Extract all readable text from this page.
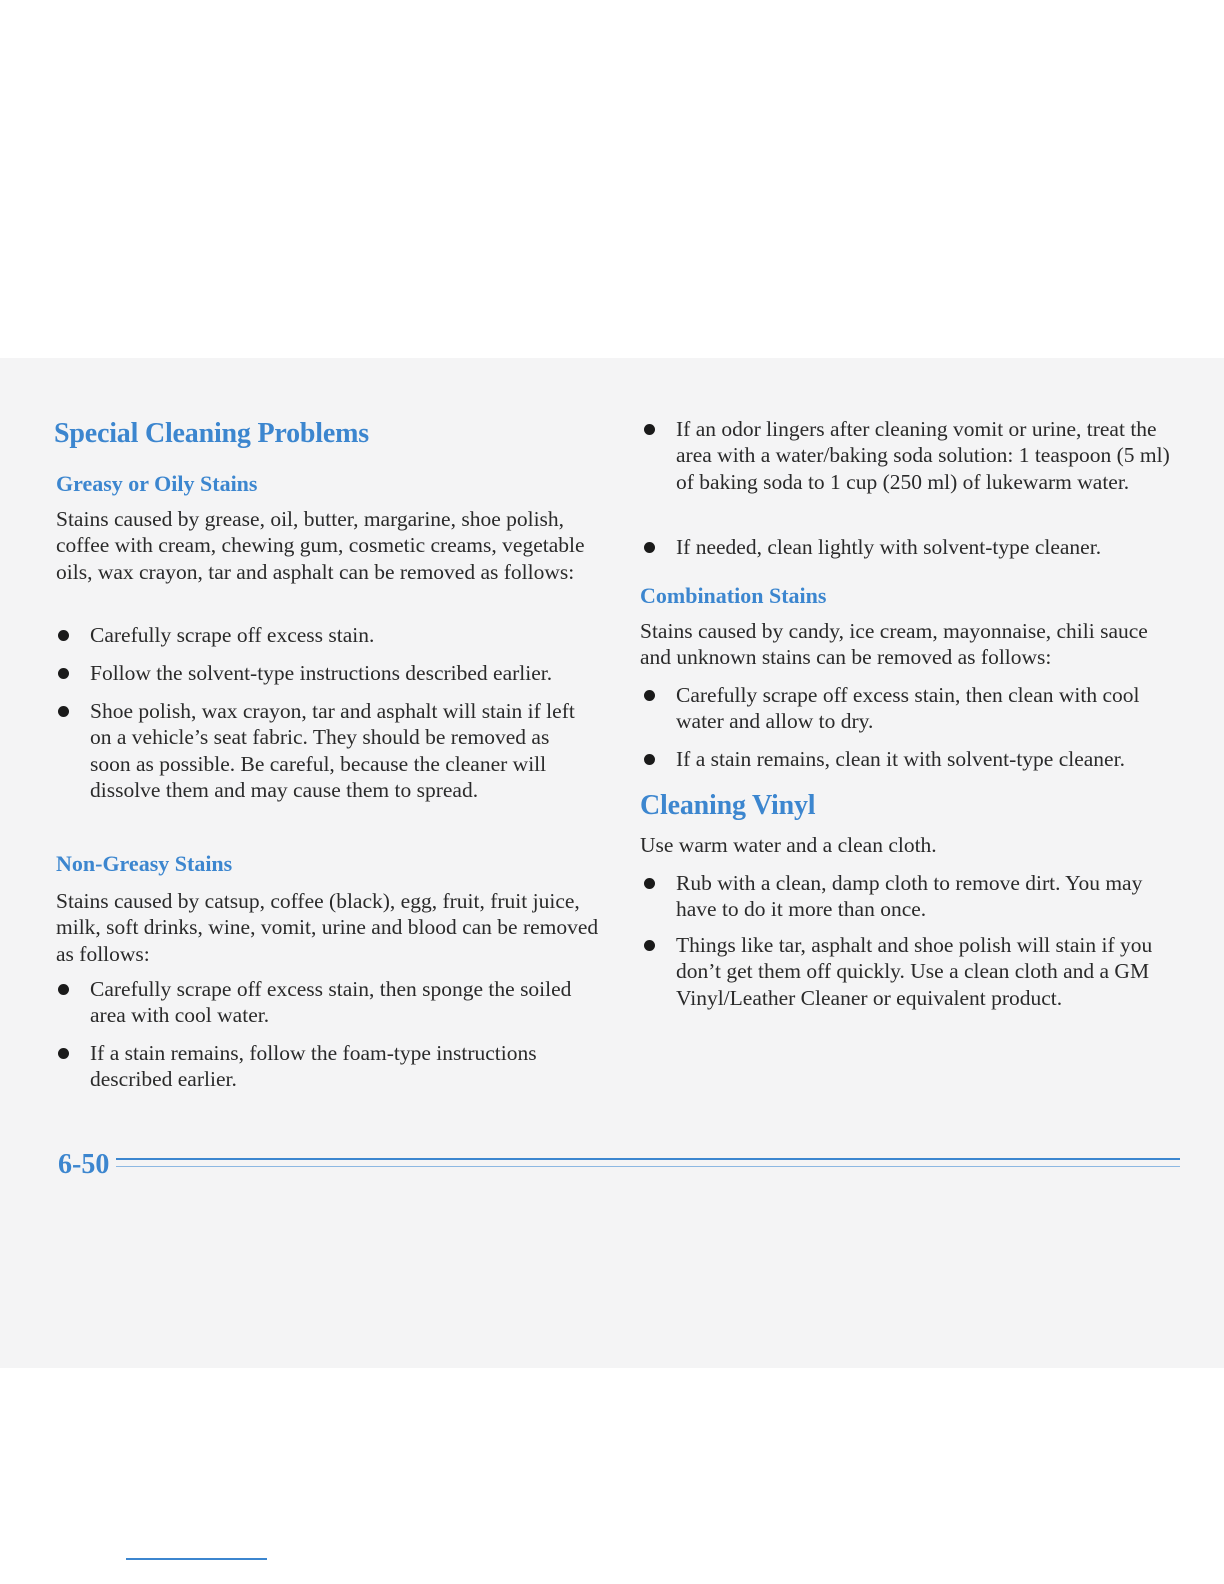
Special Cleaning Problems
Greasy or Oily Stains

Stains caused by grease, oil, butter, margarine, shoe polish, coffee with cream, chewing gum, cosmetic creams, vegetable oils, wax crayon, tar and asphalt can be removed as follows:

Carefully scrape off excess stain.
Follow the solvent-type instructions described earlier.
Shoe polish, wax crayon, tar and asphalt will stain if left on a vehicle’s seat fabric. They should be removed as soon as possible. Be careful, because the cleaner will dissolve them and may cause them to spread.
Non-Greasy Stains

Stains caused by catsup, coffee (black), egg, fruit, fruit juice, milk, soft drinks, wine, vomit, urine and blood can be removed as follows:

Carefully scrape off excess stain, then sponge the soiled area with cool water.
If a stain remains, follow the foam-type instructions described earlier.
If an odor lingers after cleaning vomit or urine, treat the area with a water/baking soda solution: 1 teaspoon (5 ml) of baking soda to 1 cup (250 ml) of lukewarm water.
If needed, clean lightly with solvent-type cleaner.
Combination Stains

Stains caused by candy, ice cream, mayonnaise, chili sauce and unknown stains can be removed as follows:

Carefully scrape off excess stain, then clean with cool water and allow to dry.
If a stain remains, clean it with solvent-type cleaner.
Cleaning Vinyl

Use warm water and a clean cloth.

Rub with a clean, damp cloth to remove dirt. You may have to do it more than once.
Things like tar, asphalt and shoe polish will stain if you don’t get them off quickly. Use a clean cloth and a GM Vinyl/Leather Cleaner or equivalent product.
6-50
